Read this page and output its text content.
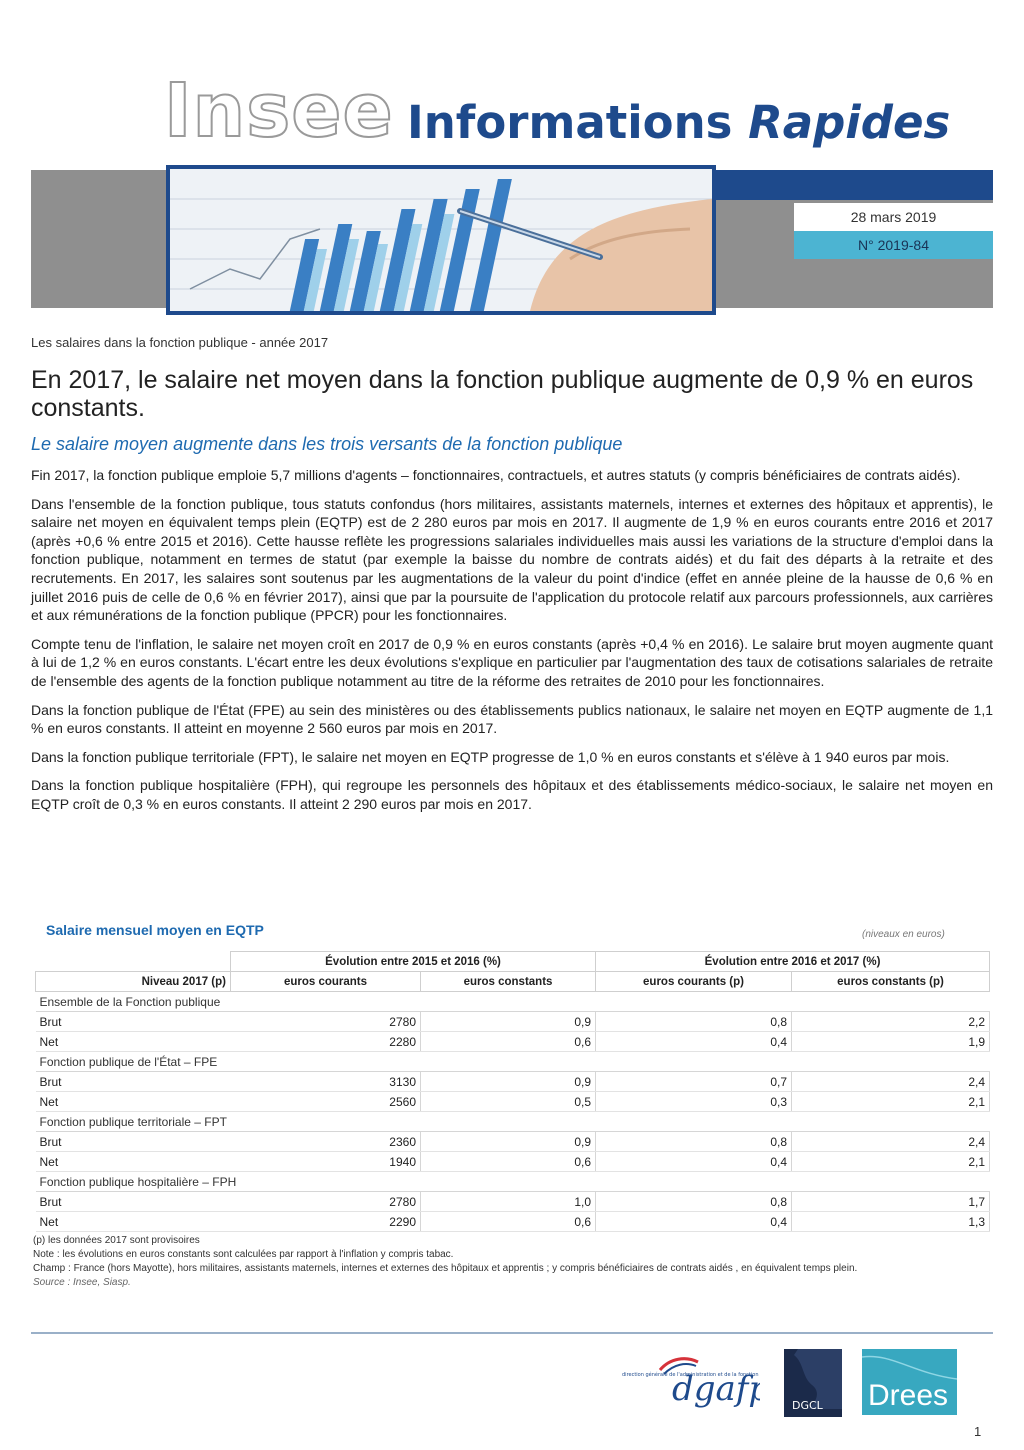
Insee Informations Rapides
28 mars 2019
N° 2019-84
Les salaires dans la fonction publique - année 2017
En 2017, le salaire net moyen dans la fonction publique augmente de 0,9 % en euros constants.
Le salaire moyen augmente dans les trois versants de la fonction publique

Fin 2017, la fonction publique emploie 5,7 millions d'agents – fonctionnaires, contractuels, et autres statuts (y compris bénéficiaires de contrats aidés).

Dans l'ensemble de la fonction publique, tous statuts confondus (hors militaires, assistants maternels, internes et externes des hôpitaux et apprentis), le salaire net moyen en équivalent temps plein (EQTP) est de 2 280 euros par mois en 2017. Il augmente de 1,9 % en euros courants entre 2016 et 2017 (après +0,6 % entre 2015 et 2016). Cette hausse reflète les progressions salariales individuelles mais aussi les variations de la structure d'emploi dans la fonction publique, notamment en termes de statut (par exemple la baisse du nombre de contrats aidés) et du fait des départs à la retraite et des recrutements. En 2017, les salaires sont soutenus par les augmentations de la valeur du point d'indice (effet en année pleine de la hausse de 0,6 % en juillet 2016 puis de celle de 0,6 % en février 2017), ainsi que par la poursuite de l'application du protocole relatif aux parcours professionnels, aux carrières et aux rémunérations de la fonction publique (PPCR) pour les fonctionnaires.

Compte tenu de l'inflation, le salaire net moyen croît en 2017 de 0,9 % en euros constants (après +0,4 % en 2016). Le salaire brut moyen augmente quant à lui de 1,2 % en euros constants. L'écart entre les deux évolutions s'explique en particulier par l'augmentation des taux de cotisations salariales de retraite de l'ensemble des agents de la fonction publique notamment au titre de la réforme des retraites de 2010 pour les fonctionnaires.

Dans la fonction publique de l'État (FPE) au sein des ministères ou des établissements publics nationaux, le salaire net moyen en EQTP augmente de 1,1 % en euros constants. Il atteint en moyenne 2 560 euros par mois en 2017.

Dans la fonction publique territoriale (FPT), le salaire net moyen en EQTP progresse de 1,0 % en euros constants et s'élève à 1 940 euros par mois.

Dans la fonction publique hospitalière (FPH), qui regroupe les personnels des hôpitaux et des établissements médico-sociaux, le salaire net moyen en EQTP croît de 0,3 % en euros constants. Il atteint 2 290 euros par mois en 2017.

Salaire mensuel moyen en EQTP	(niveaux en euros)
	Évolution entre 2015 et 2016 (%)		Évolution entre 2016 et 2017 (%)	
Niveau 2017 (p)	euros courants	euros constants	euros courants (p)	euros constants (p)
Ensemble de la Fonction publique				
Brut	2780	0,9	0,8	2,2
Net	2280	0,6	0,4	1,9
Fonction publique de l'État – FPE				
Brut	3130	0,9	0,7	2,4
Net	2560	0,5	0,3	2,1
Fonction publique territoriale – FPT				
Brut	2360	0,9	0,8	2,4
Net	1940	0,6	0,4	2,1
Fonction publique hospitalière – FPH				
Brut	2780	1,0	0,8	1,7
Net	2290	0,6	0,4	1,3
(p) les données 2017 sont provisoires
Note : les évolutions en euros constants sont calculées par rapport à l'inflation y compris tabac.
Champ : France (hors Mayotte), hors militaires, assistants maternels, internes et externes des hôpitaux et apprentis ; y compris bénéficiaires de contrats aidés , en équivalent temps plein.
Source : Insee, Siasp.
direction générale de l'administration et de la fonction
dgaf	DGCL Drees
1
